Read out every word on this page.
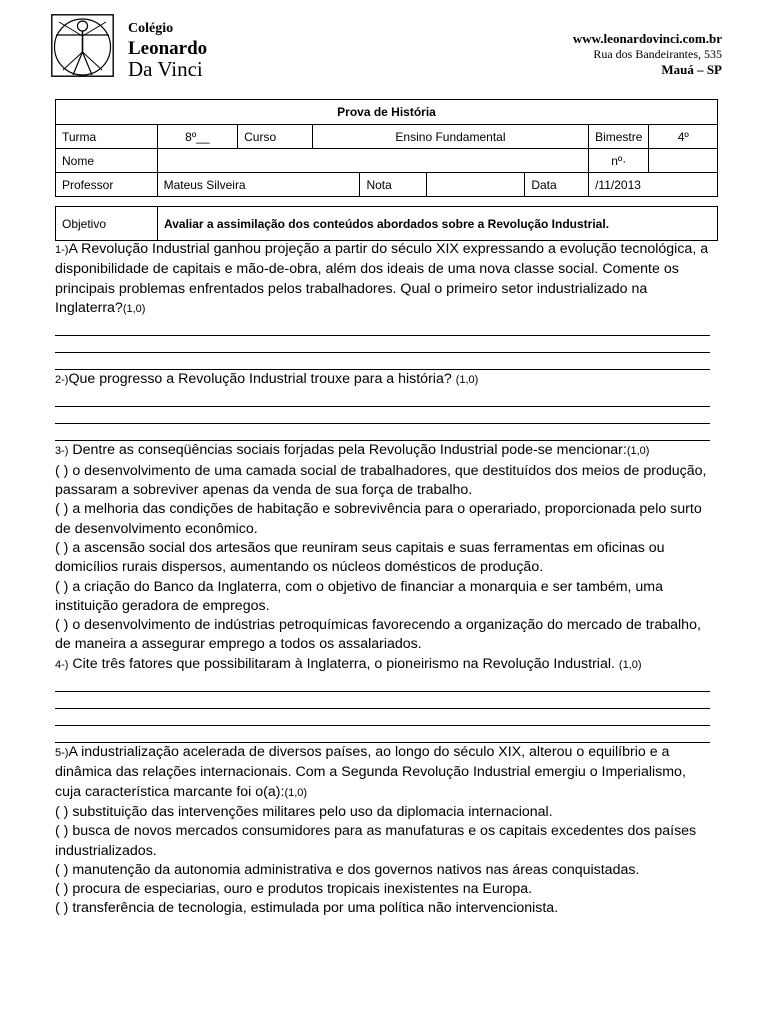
Colégio
Leonardo
Da Vinci
www.leonardovinci.com.br
Rua dos Bandeirantes, 535
Mauá – SP
Prova de História								
Turma	8º__	Curso	Ensino Fundamental				Bimestre	4º
Nome							nº·	
Professor	Mateus Silveira			Nota		Data	/11/2013	
Objetivo	Avaliar a assimilação dos conteúdos abordados sobre a Revolução Industrial.

1-)A Revolução Industrial ganhou projeção a partir do século XIX expressando a evolução tecnológica, a disponibilidade de capitais e mão-de-obra, além dos ideais de uma nova classe social. Comente os principais problemas enfrentados pelos trabalhadores. Qual o primeiro setor industrializado na Inglaterra?(1,0)

2-)Que progresso a Revolução Industrial trouxe para a história? (1,0)

3-) Dentre as conseqüências sociais forjadas pela Revolução Industrial pode-se mencionar:(1,0)

( ) o desenvolvimento de uma camada social de trabalhadores, que destituídos dos meios de produção, passaram a sobreviver apenas da venda de sua força de trabalho.

( ) a melhoria das condições de habitação e sobrevivência para o operariado, proporcionada pelo surto de desenvolvimento econômico.

( ) a ascensão social dos artesãos que reuniram seus capitais e suas ferramentas em oficinas ou domicílios rurais dispersos, aumentando os núcleos domésticos de produção.

( ) a criação do Banco da Inglaterra, com o objetivo de financiar a monarquia e ser também, uma instituição geradora de empregos.

( ) o desenvolvimento de indústrias petroquímicas favorecendo a organização do mercado de trabalho, de maneira a assegurar emprego a todos os assalariados.

4-) Cite três fatores que possibilitaram à Inglaterra, o pioneirismo na Revolução Industrial. (1,0)

5-)A industrialização acelerada de diversos países, ao longo do século XIX, alterou o equilíbrio e a dinâmica das relações internacionais. Com a Segunda Revolução Industrial emergiu o Imperialismo, cuja característica marcante foi o(a):(1,0)

( ) substituição das intervenções militares pelo uso da diplomacia internacional.

( ) busca de novos mercados consumidores para as manufaturas e os capitais excedentes dos países industrializados.

( ) manutenção da autonomia administrativa e dos governos nativos nas áreas conquistadas.

( ) procura de especiarias, ouro e produtos tropicais inexistentes na Europa.

( ) transferência de tecnologia, estimulada por uma política não intervencionista.
